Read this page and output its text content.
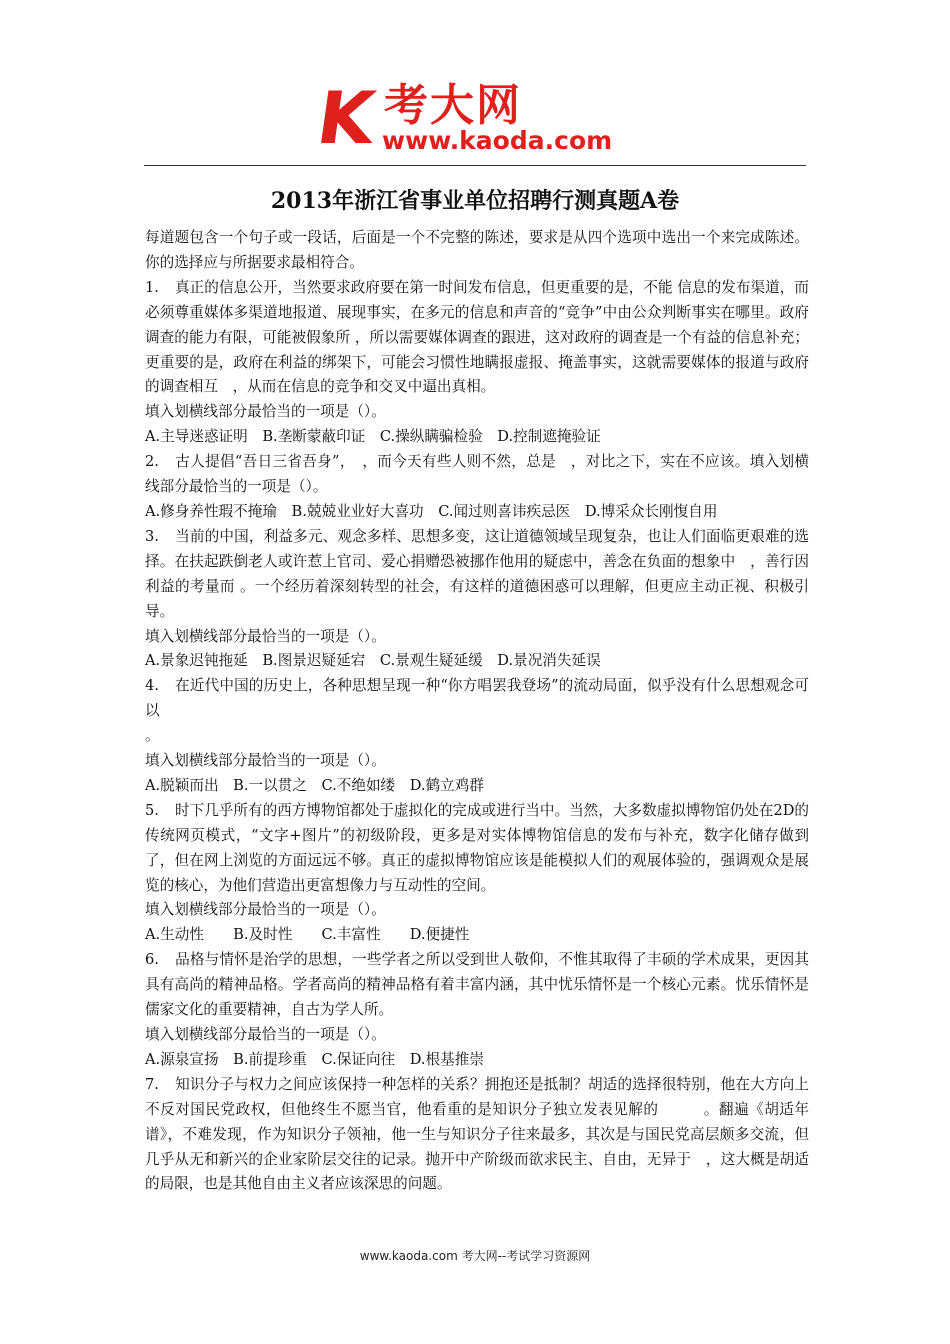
K 考大网
www.kaoda.com
2013年浙江省事业单位招聘行测真题A卷

每道题包含一个句子或一段话，后面是一个不完整的陈述，要求是从四个选项中选出一个来完成陈述。你的选择应与所据要求最相符合。

1. 真正的信息公开，当然要求政府要在第一时间发布信息，但更重要的是，不能 信息的发布渠道，而必须尊重媒体多渠道地报道、展现事实，在多元的信息和声音的“竞争”中由公众判断事实在哪里。政府调查的能力有限，可能被假象所 ，所以需要媒体调查的跟进，这对政府的调查是一个有益的信息补充；更重要的是，政府在利益的绑架下，可能会习惯性地瞒报虚报、掩盖事实，这就需要媒体的报道与政府的调查相互　，从而在信息的竞争和交叉中逼出真相。

填入划横线部分最恰当的一项是（）。

A.主导迷惑证明　B.垄断蒙蔽印证　C.操纵瞒骗检验　D.控制遮掩验证

2. 古人提倡“吾日三省吾身”，　，而今天有些人则不然，总是　，对比之下，实在不应该。填入划横线部分最恰当的一项是（）。

A.修身养性瑕不掩瑜　B.兢兢业业好大喜功　C.闻过则喜讳疾忌医　D.博采众长刚愎自用

3. 当前的中国，利益多元、观念多样、思想多变，这让道德领域呈现复杂，也让人们面临更艰难的选择。在扶起跌倒老人或许惹上官司、爱心捐赠恐被挪作他用的疑虑中，善念在负面的想象中　，善行因利益的考量而 。一个经历着深刻转型的社会，有这样的道德困惑可以理解，但更应主动正视、积极引导。

填入划横线部分最恰当的一项是（）。

A.景象迟钝拖延　B.图景迟疑延宕　C.景观生疑延缓　D.景况消失延误

4. 在近代中国的历史上，各种思想呈现一种“你方唱罢我登场”的流动局面，似乎没有什么思想观念可以

。

填入划横线部分最恰当的一项是（）。

A.脱颖而出　B.一以贯之　C.不绝如缕　D.鹤立鸡群

5. 时下几乎所有的西方博物馆都处于虚拟化的完成或进行当中。当然，大多数虚拟博物馆仍处在2D的传统网页模式，“文字+图片”的初级阶段，更多是对实体博物馆信息的发布与补充，数字化储存做到了，但在网上浏览的方面远远不够。真正的虚拟博物馆应该是能模拟人们的观展体验的，强调观众是展览的核心，为他们营造出更富想像力与互动性的空间。

填入划横线部分最恰当的一项是（）。

A.生动性　　B.及时性　　C.丰富性　　D.便捷性

6. 品格与情怀是治学的思想，一些学者之所以受到世人敬仰，不惟其取得了丰硕的学术成果，更因其具有高尚的精神品格。学者高尚的精神品格有着丰富内涵，其中忧乐情怀是一个核心元素。忧乐情怀是儒家文化的重要精神，自古为学人所。

填入划横线部分最恰当的一项是（）。

A.源泉宣扬　B.前提珍重　C.保证向往　D.根基推崇

7. 知识分子与权力之间应该保持一种怎样的关系？拥抱还是抵制？胡适的选择很特别，他在大方向上不反对国民党政权，但他终生不愿当官，他看重的是知识分子独立发表见解的　　　。翻遍《胡适年谱》，不难发现，作为知识分子领袖，他一生与知识分子往来最多，其次是与国民党高层颇多交流，但几乎从无和新兴的企业家阶层交往的记录。抛开中产阶级而欲求民主、自由，无异于　，这大概是胡适的局限，也是其他自由主义者应该深思的问题。

www.kaoda.com 考大网--考试学习资源网
